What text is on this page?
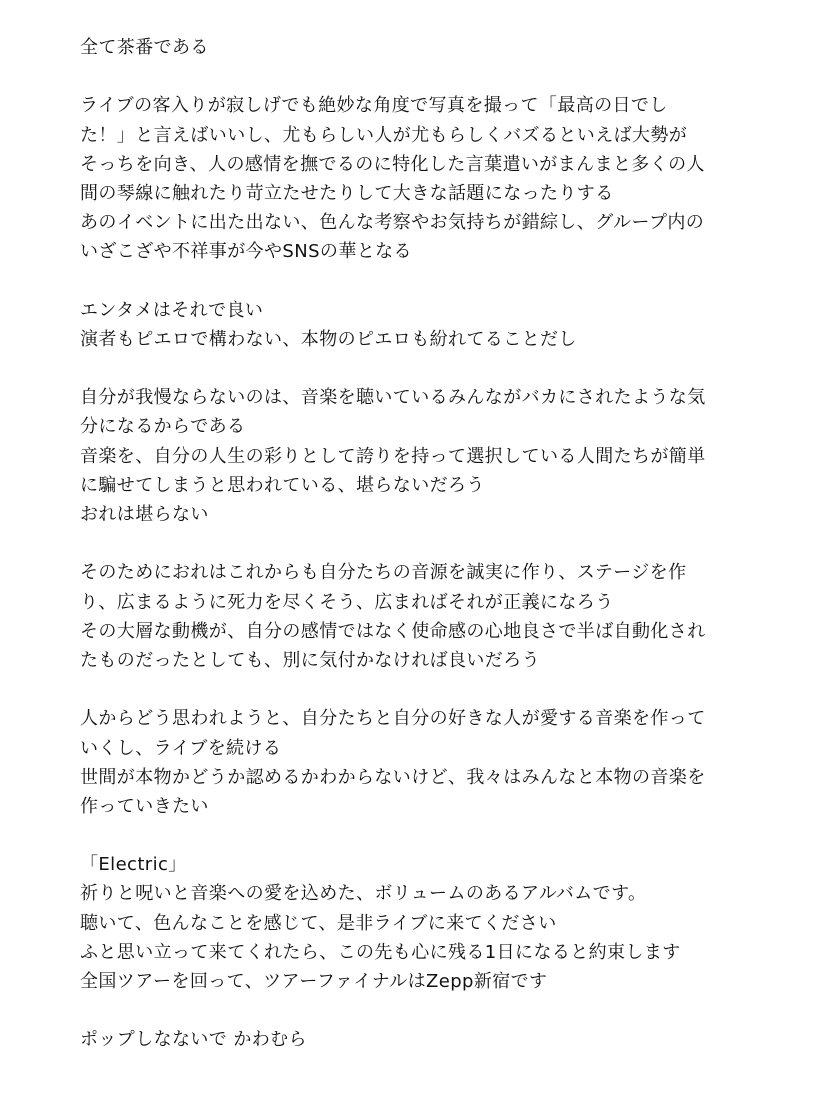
全て茶番である
ライブの客入りが寂しげでも絶妙な角度で写真を撮って「最高の日でし
た！」と言えばいいし、尤もらしい人が尤もらしくバズるといえば大勢が
そっちを向き、人の感情を撫でるのに特化した言葉遣いがまんまと多くの人
間の琴線に触れたり苛立たせたりして大きな話題になったりする
あのイベントに出た出ない、色んな考察やお気持ちが錯綜し、グループ内の
いざこざや不祥事が今やSNSの華となる
エンタメはそれで良い
演者もピエロで構わない、本物のピエロも紛れてることだし
自分が我慢ならないのは、音楽を聴いているみんながバカにされたような気
分になるからである
音楽を、自分の人生の彩りとして誇りを持って選択している人間たちが簡単
に騙せてしまうと思われている、堪らないだろう
おれは堪らない
そのためにおれはこれからも自分たちの音源を誠実に作り、ステージを作
り、広まるように死力を尽くそう、広まればそれが正義になろう
その大層な動機が、自分の感情ではなく使命感の心地良さで半ば自動化され
たものだったとしても、別に気付かなければ良いだろう
人からどう思われようと、自分たちと自分の好きな人が愛する音楽を作って
いくし、ライブを続ける
世間が本物かどうか認めるかわからないけど、我々はみんなと本物の音楽を
作っていきたい
「Electric」
祈りと呪いと音楽への愛を込めた、ボリュームのあるアルバムです。
聴いて、色んなことを感じて、是非ライブに来てください
ふと思い立って来てくれたら、この先も心に残る1日になると約束します
全国ツアーを回って、ツアーファイナルはZepp新宿です
ポップしなないで かわむら
